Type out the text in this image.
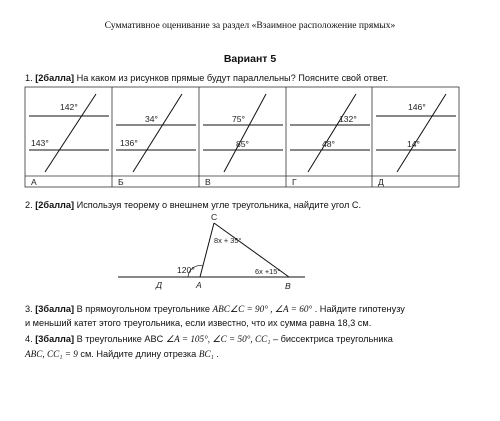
Суммативное оценивание за раздел «Взаимное расположение прямых»
Вариант 5
1. [2балла] На каком из рисунков прямые будут параллельны? Поясните свой ответ.
2. [2балла] Используя теорему о внешнем угле треугольника, найдите угол C.
3. [3балла] В прямоугольном треугольнике ABC∠C = 90° , ∠A = 60° . Найдите гипотенузу
и меньший катет этого треугольника, если известно, что их сумма равна 18,3 см.
4. [3балла] В треугольнике ABC ∠A = 105°, ∠C = 50°, CC₁ – биссектриса треугольника
ABC, CC₁ = 9 см. Найдите длину отрезка BC₁ .
142°
143°
34°
136°
75°
85°
132°
48°
146°
14°
А	Б	В	Г	Д
C
8x + 35°
6x +15°
120°
Д	A	B
